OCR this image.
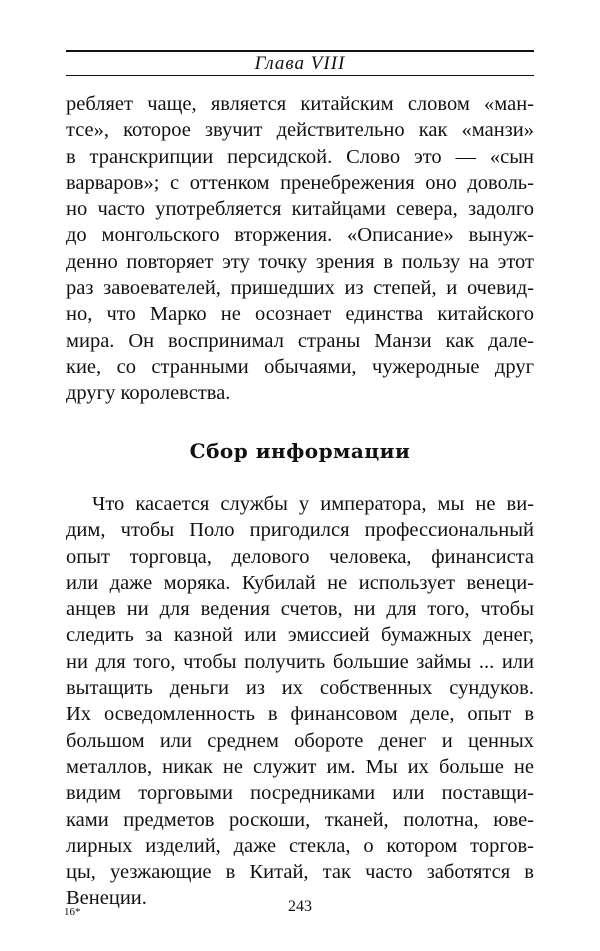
Глава VIII
ребляет чаще, является китайским словом «ман-
тсе», которое звучит действительно как «манзи»
в транскрипции персидской. Слово это — «сын
варваров»; с оттенком пренебрежения оно доволь-
но часто употребляется китайцами севера, задолго
до монгольского вторжения. «Описание» вынуж-
денно повторяет эту точку зрения в пользу на этот
раз завоевателей, пришедших из степей, и очевид-
но, что Марко не осознает единства китайского
мира. Он воспринимал страны Манзи как дале-
кие, со странными обычаями, чужеродные друг
другу королевства.
Сбор информации
Что касается службы у императора, мы не ви-
дим, чтобы Поло пригодился профессиональный
опыт торговца, делового человека, финансиста
или даже моряка. Кубилай не использует венеци-
анцев ни для ведения счетов, ни для того, чтобы
следить за казной или эмиссией бумажных денег,
ни для того, чтобы получить большие займы ... или
вытащить деньги из их собственных сундуков.
Их осведомленность в финансовом деле, опыт в
большом или среднем обороте денег и ценных
металлов, никак не служит им. Мы их больше не
видим торговыми посредниками или поставщи-
ками предметов роскоши, тканей, полотна, юве-
лирных изделий, даже стекла, о котором торгов-
цы, уезжающие в Китай, так часто заботятся в
Венеции.
16*	243
